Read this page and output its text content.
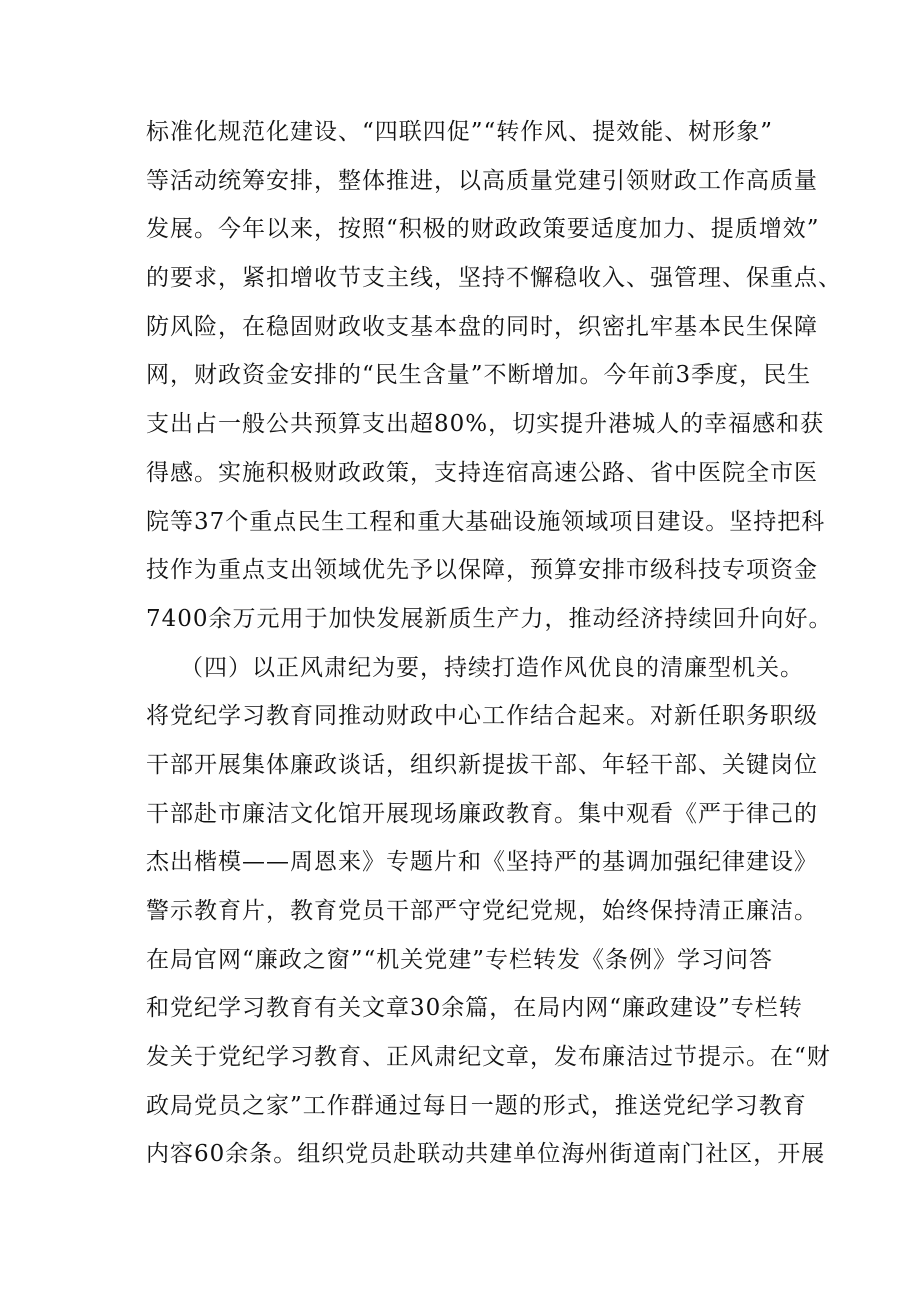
标准化规范化建设、“四联四促”“转作风、提效能、树形象”
等活动统筹安排，整体推进，以高质量党建引领财政工作高质量
发展。今年以来，按照“积极的财政政策要适度加力、提质增效”
的要求，紧扣增收节支主线，坚持不懈稳收入、强管理、保重点、
防风险，在稳固财政收支基本盘的同时，织密扎牢基本民生保障
网，财政资金安排的“民生含量”不断增加。今年前3季度，民生
支出占一般公共预算支出超80%，切实提升港城人的幸福感和获
得感。实施积极财政政策，支持连宿高速公路、省中医院全市医
院等37个重点民生工程和重大基础设施领域项目建设。坚持把科
技作为重点支出领域优先予以保障，预算安排市级科技专项资金
7400余万元用于加快发展新质生产力，推动经济持续回升向好。
（四）以正风肃纪为要，持续打造作风优良的清廉型机关。
将党纪学习教育同推动财政中心工作结合起来。对新任职务职级
干部开展集体廉政谈话，组织新提拔干部、年轻干部、关键岗位
干部赴市廉洁文化馆开展现场廉政教育。集中观看《严于律己的
杰出楷模——周恩来》专题片和《坚持严的基调加强纪律建设》
警示教育片，教育党员干部严守党纪党规，始终保持清正廉洁。
在局官网“廉政之窗”“机关党建”专栏转发《条例》学习问答
和党纪学习教育有关文章30余篇，在局内网“廉政建设”专栏转
发关于党纪学习教育、正风肃纪文章，发布廉洁过节提示。在“财
政局党员之家”工作群通过每日一题的形式，推送党纪学习教育
内容60余条。组织党员赴联动共建单位海州街道南门社区，开展
